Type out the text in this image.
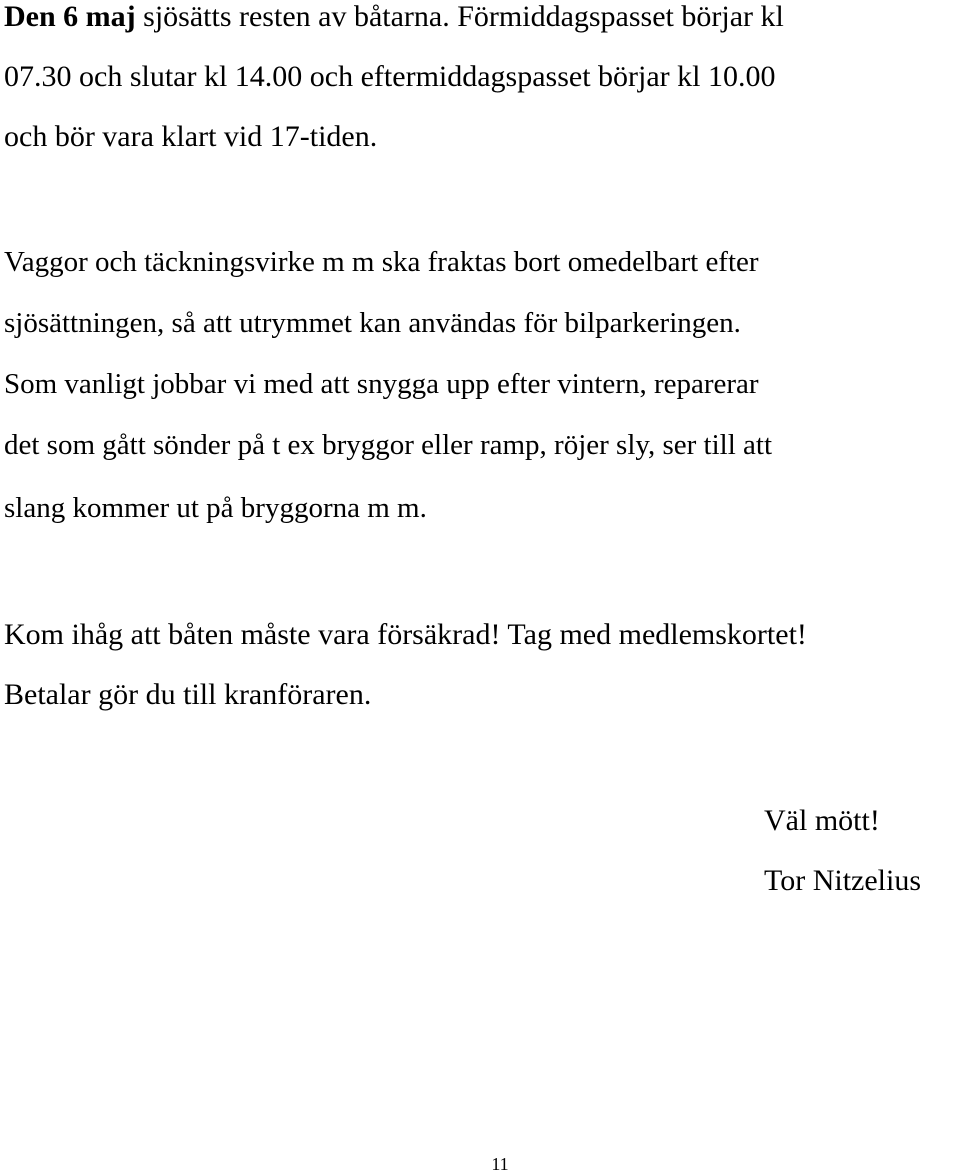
Den 6 maj sjösätts resten av båtarna. Förmiddagspasset börjar kl
07.30 och slutar kl 14.00 och eftermiddagspasset börjar kl 10.00
och bör vara klart vid 17-tiden.
Vaggor och täckningsvirke m m ska fraktas bort omedelbart efter
sjösättningen, så att utrymmet kan användas för bilparkeringen.
Som vanligt jobbar vi med att snygga upp efter vintern, reparerar
det som gått sönder på t ex bryggor eller ramp, röjer sly, ser till att
slang kommer ut på bryggorna m m.
Kom ihåg att båten måste vara försäkrad! Tag med medlemskortet!
Betalar gör du till kranföraren.
Väl mött!
Tor Nitzelius
11
